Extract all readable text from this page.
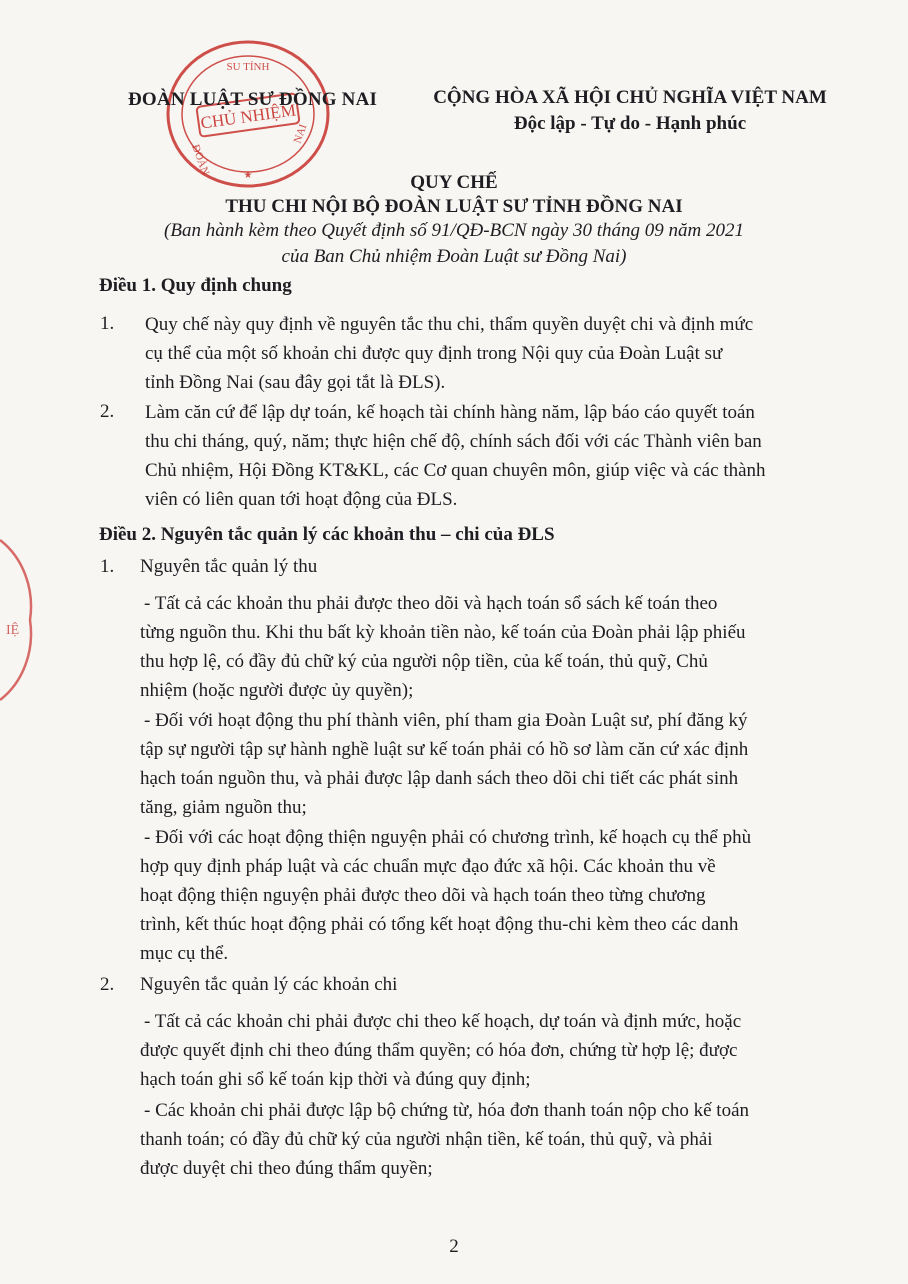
CHỦ NHIỆM
SU TỈNH
ĐOÀN
NAI
★
IỆ
ĐOÀN LUẬT SƯ ĐỒNG NAI	CỘNG HÒA XÃ HỘI CHỦ NGHĨA VIỆT NAM
Độc lập - Tự do - Hạnh phúc
QUY CHẾ
THU CHI NỘI BỘ ĐOÀN LUẬT SƯ TỈNH ĐỒNG NAI
(Ban hành kèm theo Quyết định số 91/QĐ-BCN ngày 30 tháng 09 năm 2021
của Ban Chủ nhiệm Đoàn Luật sư Đồng Nai)
Điều 1. Quy định chung
1. Quy chế này quy định về nguyên tắc thu chi, thẩm quyền duyệt chi và định mức
cụ thể của một số khoản chi được quy định trong Nội quy của Đoàn Luật sư
tỉnh Đồng Nai (sau đây gọi tắt là ĐLS).
2. Làm căn cứ để lập dự toán, kế hoạch tài chính hàng năm, lập báo cáo quyết toán
thu chi tháng, quý, năm; thực hiện chế độ, chính sách đối với các Thành viên ban
Chủ nhiệm, Hội Đồng KT&KL, các Cơ quan chuyên môn, giúp việc và các thành
viên có liên quan tới hoạt động của ĐLS.
Điều 2. Nguyên tắc quản lý các khoản thu – chi của ĐLS
1. Nguyên tắc quản lý thu
- Tất cả các khoản thu phải được theo dõi và hạch toán sổ sách kế toán theo
từng nguồn thu. Khi thu bất kỳ khoản tiền nào, kế toán của Đoàn phải lập phiếu
thu hợp lệ, có đầy đủ chữ ký của người nộp tiền, của kế toán, thủ quỹ, Chủ
nhiệm (hoặc người được ủy quyền);
- Đối với hoạt động thu phí thành viên, phí tham gia Đoàn Luật sư, phí đăng ký
tập sự người tập sự hành nghề luật sư kế toán phải có hồ sơ làm căn cứ xác định
hạch toán nguồn thu, và phải được lập danh sách theo dõi chi tiết các phát sinh
tăng, giảm nguồn thu;
- Đối với các hoạt động thiện nguyện phải có chương trình, kế hoạch cụ thể phù
hợp quy định pháp luật và các chuẩn mực đạo đức xã hội. Các khoản thu về
hoạt động thiện nguyện phải được theo dõi và hạch toán theo từng chương
trình, kết thúc hoạt động phải có tổng kết hoạt động thu-chi kèm theo các danh
mục cụ thể.
2. Nguyên tắc quản lý các khoản chi
- Tất cả các khoản chi phải được chi theo kế hoạch, dự toán và định mức, hoặc
được quyết định chi theo đúng thẩm quyền; có hóa đơn, chứng từ hợp lệ; được
hạch toán ghi sổ kế toán kịp thời và đúng quy định;
- Các khoản chi phải được lập bộ chứng từ, hóa đơn thanh toán nộp cho kế toán
thanh toán; có đầy đủ chữ ký của người nhận tiền, kế toán, thủ quỹ, và phải
được duyệt chi theo đúng thẩm quyền;
2
